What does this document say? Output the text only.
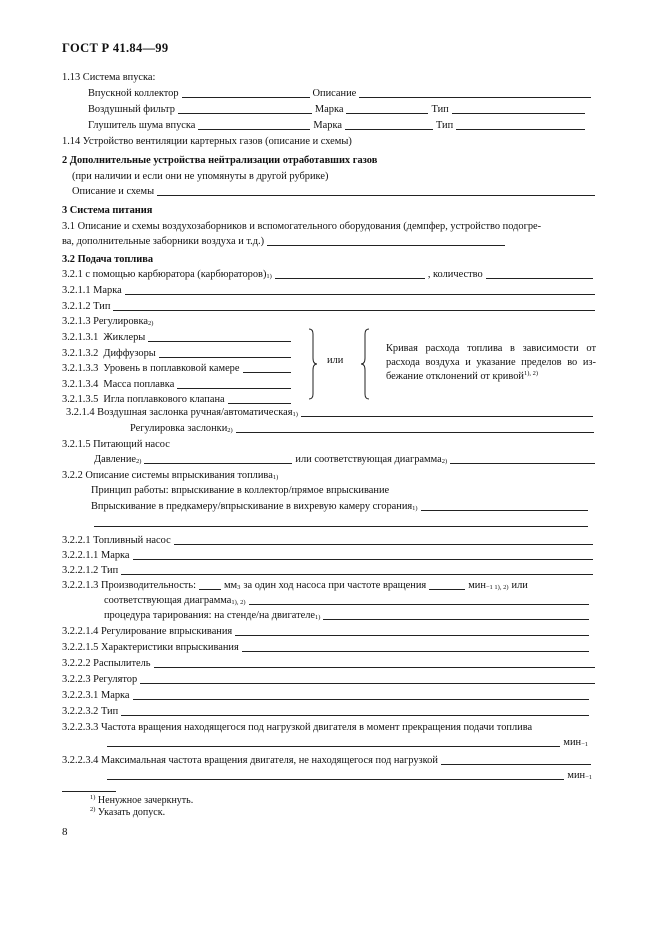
ГОСТ Р 41.84—99
1.13 Система впуска:
Впускной коллектор	Описание
Воздушный фильтр	Марка	Тип
Глушитель шума впуска	Марка	Тип
1.14 Устройство вентиляции картерных газов (описание и схемы)
2 Дополнительные устройства нейтрализации отработавших газов
(при наличии и если они не упомянуты в другой рубрике)
Описание и схемы
3 Система питания
3.1 Описание и схемы воздухозаборников и вспомогательного оборудования (демпфер, устройство подогре-
ва, дополнительные заборники воздуха и т.д.)
3.2 Подача топлива
3.2.1 с помощью карбюратора (карбюраторов)$^{1)}$	, количество
3.2.1.1 Марка
3.2.1.2 Тип
3.2.1.3 Регулировка$^{2)}$
3.2.1.3.1 Жиклеры
3.2.1.3.2 Диффузоры
3.2.1.3.3 Уровень в поплавковой камере
3.2.1.3.4 Масса поплавка
3.2.1.3.5 Игла поплавкового клапана
или
Кривая расхода топлива в зависимости от расхода воздуха и указание пределов во из-бежание отклонений от кривой$^{1), 2)}$
3.2.1.4 Воздушная заслонка ручная/автоматическая$^{1)}$
Регулировка заслонки$^{2)}$
3.2.1.5 Питающий насос
Давление$^{2)}$	или соответствующая диаграмма$^{2)}$
3.2.2 Описание системы впрыскивания топлива$^{1)}$
Принцип работы: впрыскивание в коллектор/прямое впрыскивание
Впрыскивание в предкамеру/впрыскивание в вихревую камеру сгорания$^{1)}$
3.2.2.1 Топливный насос
3.2.2.1.1 Марка
3.2.2.1.2 Тип
3.2.2.1.3 Производительность:	$мм^3$ за один ход насоса при частоте вращения	мин$^{-1 1), 2)}$ или
соответствующая диаграмма$^{1), 2)}$
процедура тарирования: на стенде/на двигателе$^{1)}$
3.2.2.1.4 Регулирование впрыскивания
3.2.2.1.5 Характеристики впрыскивания
3.2.2.2 Распылитель
3.2.2.3 Регулятор
3.2.2.3.1 Марка
3.2.2.3.2 Тип
3.2.2.3.3 Частота вращения находящегося под нагрузкой двигателя в момент прекращения подачи топлива
мин$^{-1}$
3.2.2.3.4 Максимальная частота вращения двигателя, не находящегося под нагрузкой
мин$^{-1}$
$^{1)}$ Ненужное зачеркнуть.
$^{2)}$ Указать допуск.
8
